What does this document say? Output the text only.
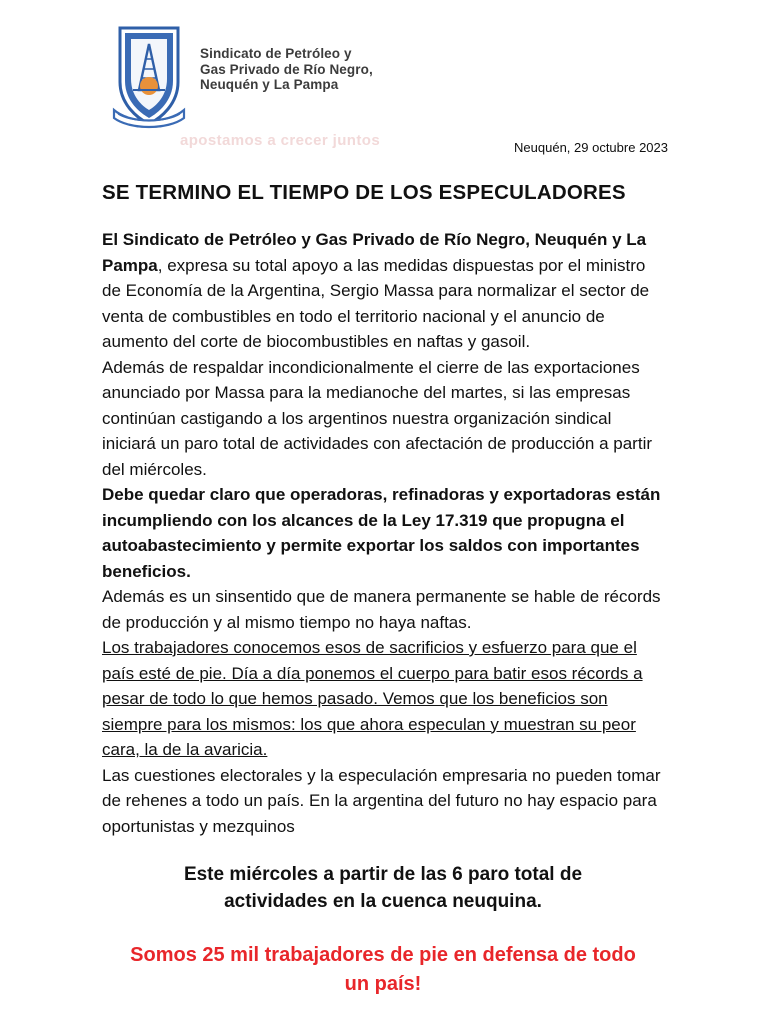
Sindicato de Petróleo y
Gas Privado de Río Negro,
Neuquén y La Pampa
apostamos a crecer juntos	Neuquén, 29 octubre 2023
SE TERMINO EL TIEMPO DE LOS ESPECULADORES

El Sindicato de Petróleo y Gas Privado de Río Negro, Neuquén y La Pampa, expresa su total apoyo a las medidas dispuestas por el ministro de Economía de la Argentina, Sergio Massa para normalizar el sector de venta de combustibles en todo el territorio nacional y el anuncio de aumento del corte de biocombustibles en naftas y gasoil.

Además de respaldar incondicionalmente el cierre de las exportaciones anunciado por Massa para la medianoche del martes, si las empresas continúan castigando a los argentinos nuestra organización sindical iniciará un paro total de actividades con afectación de producción a partir del miércoles.

Debe quedar claro que operadoras, refinadoras y exportadoras están incumpliendo con los alcances de la Ley 17.319 que propugna el autoabastecimiento y permite exportar los saldos con importantes beneficios.

Además es un sinsentido que de manera permanente se hable de récords de producción y al mismo tiempo no haya naftas.

Los trabajadores conocemos esos de sacrificios y esfuerzo para que el país esté de pie. Día a día ponemos el cuerpo para batir esos récords a pesar de todo lo que hemos pasado. Vemos que los beneficios son siempre para los mismos: los que ahora especulan y muestran su peor cara, la de la avaricia.

Las cuestiones electorales y la especulación empresaria no pueden tomar de rehenes a todo un país. En la argentina del futuro no hay espacio para oportunistas y mezquinos

Este miércoles a partir de las 6 paro total de actividades en la cuenca neuquina.

Somos 25 mil trabajadores de pie en defensa de todo un país!
